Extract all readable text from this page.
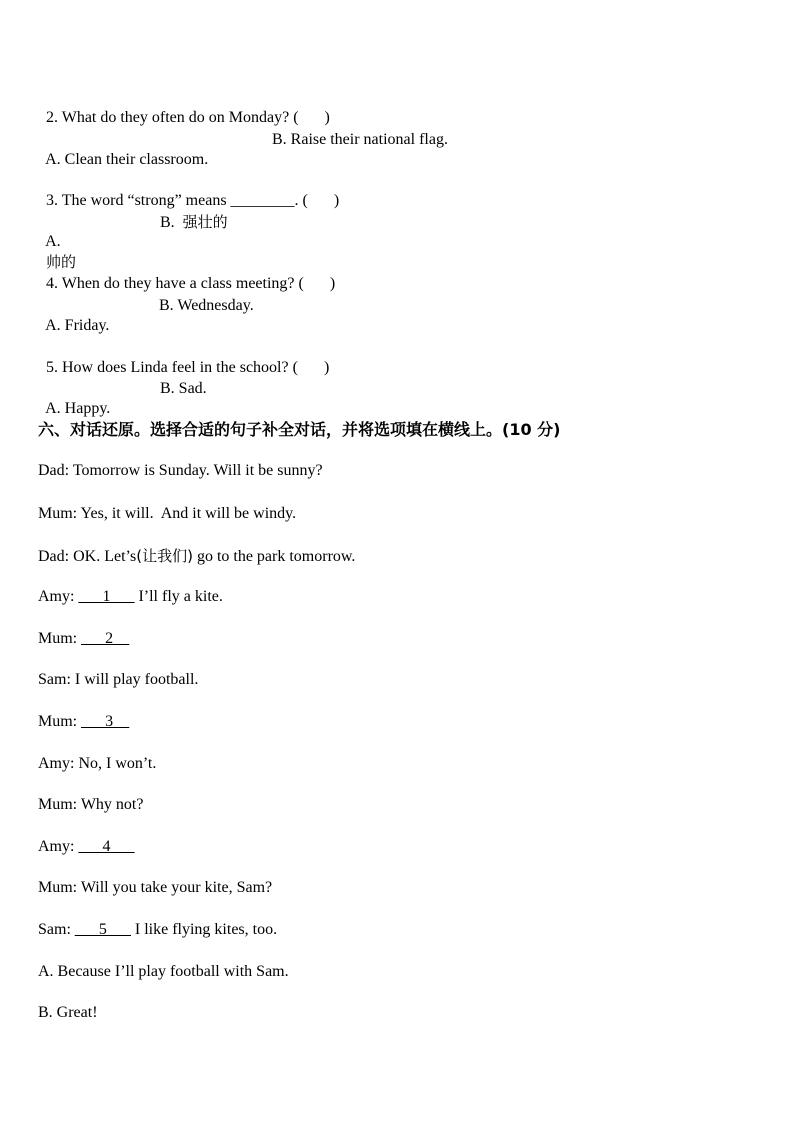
2. What do they often do on Monday? ( )

A. Clean their classroom.

B. Raise their national flag.

3. The word “strong” means ________. ( )

A.
帅的

B. 强壮的

4. When do they have a class meeting? ( )

A. Friday.

B. Wednesday.

5. How does Linda feel in the school? ( )

A. Happy.

B. Sad.

六、对话还原。选择合适的句子补全对话，并将选项填在横线上。(10 分)
Dad: Tomorrow is Sunday. Will it be sunny?
Mum: Yes, it will.  And it will be windy.
Dad: OK. Let’s(让我们) go to the park tomorrow.
Amy: ___1___ I’ll fly a kite.
Mum: ___2__
Sam: I will play football.
Mum: ___3__
Amy: No, I won’t.
Mum: Why not?
Amy: ___4___
Mum: Will you take your kite, Sam?
Sam: ___5___ I like flying kites, too.
A. Because I’ll play football with Sam.
B. Great!
